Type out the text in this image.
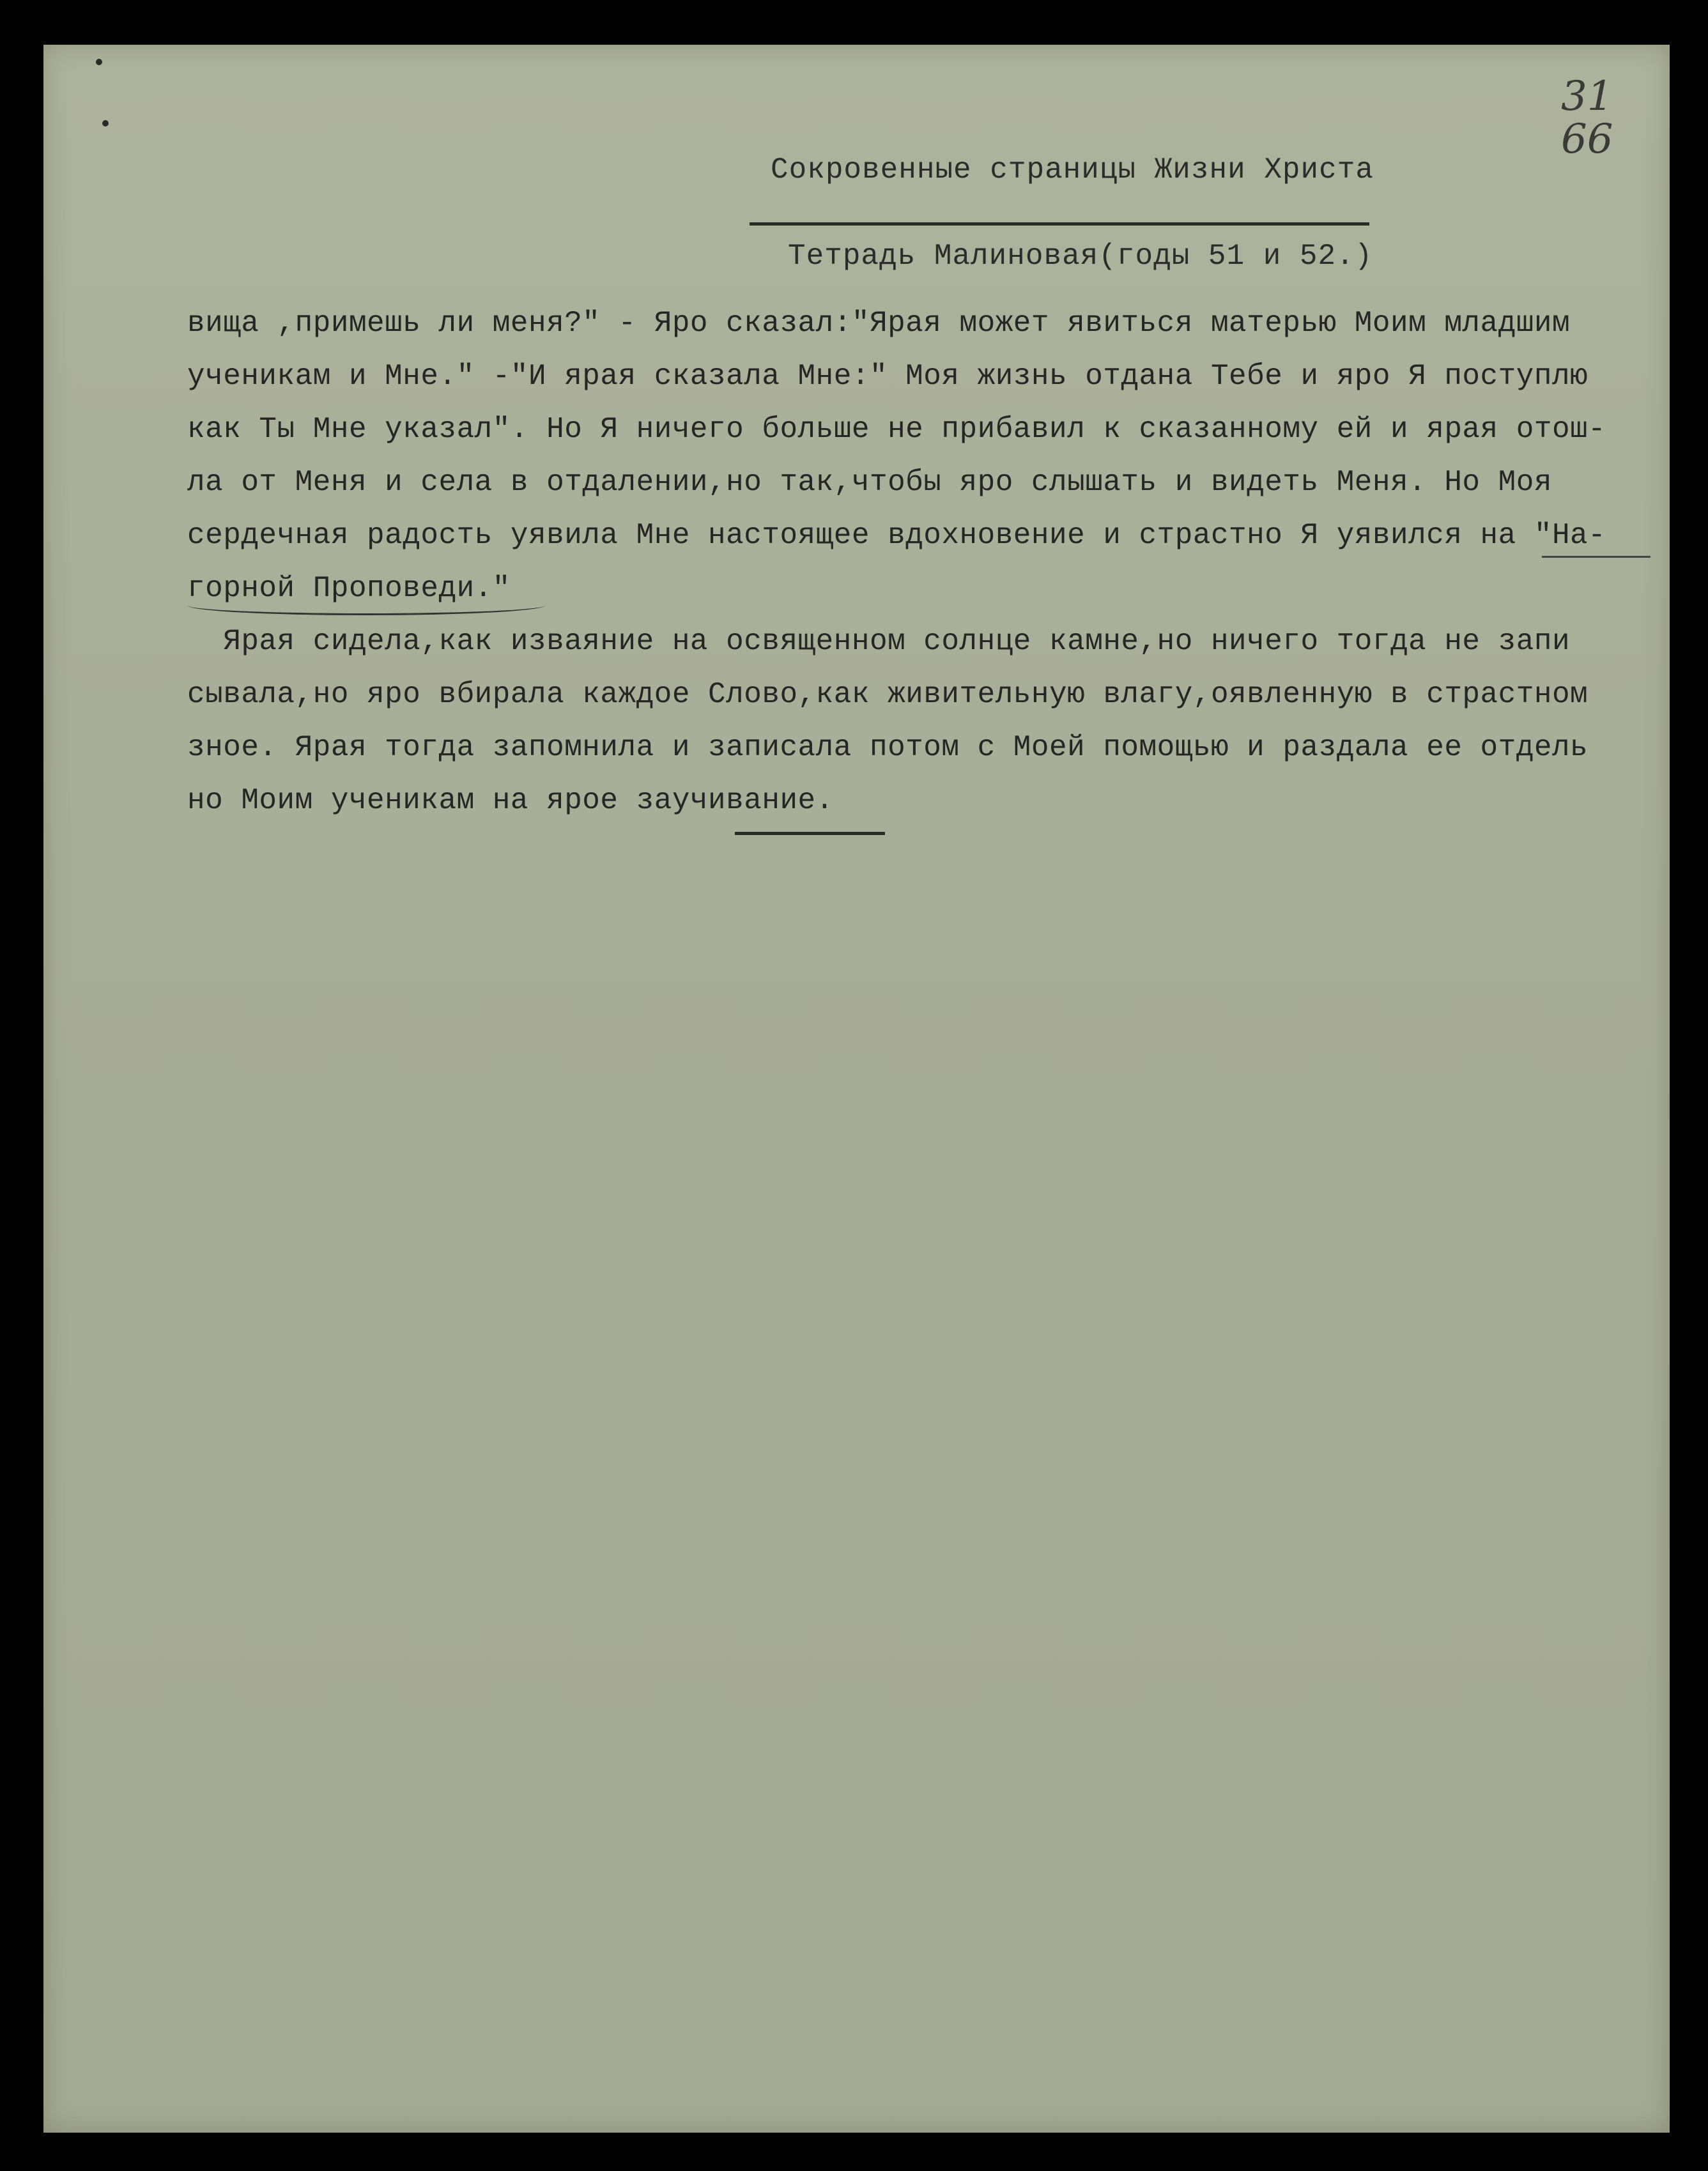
31
66
Сокровенные страницы Жизни Христа
Тетрадь Малиновая(годы 51 и 52.)
вища ,примешь ли меня?" - Яро сказал:"Ярая может явиться матерью Моим младшим
ученикам и Мне." -"И ярая сказала Мне:" Моя жизнь отдана Тебе и яро Я поступлю
как Ты Мне указал". Но Я ничего больше не прибавил к сказанному ей и ярая отош-
ла от Меня и села в отдалении,но так,чтобы яро слышать и видеть Меня. Но Моя
сердечная радость уявила Мне настоящее вдохновение и страстно Я уявился на "На-
горной Проповеди."
Ярая сидела,как изваяние на освященном солнце камне,но ничего тогда не запи
сывала,но яро вбирала каждое Слово,как живительную влагу,оявленную в страстном
зное. Ярая тогда запомнила и записала потом с Моей помощью и раздала ее отдель
но Моим ученикам на ярое заучивание.
